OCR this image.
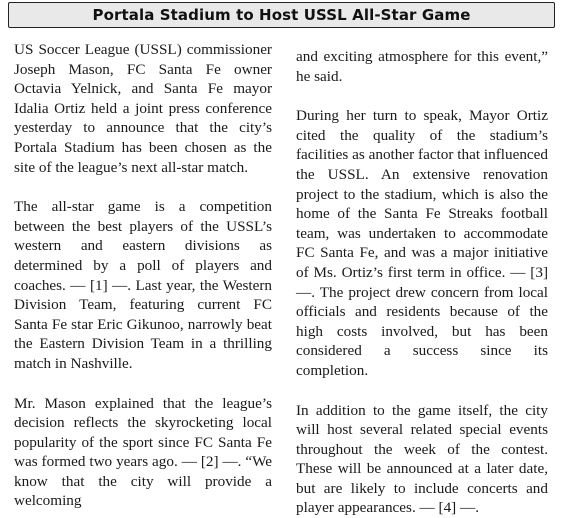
Portala Stadium to Host USSL All-Star Game

US Soccer League (USSL) commissioner Joseph Mason, FC Santa Fe owner Octavia Yelnick, and Santa Fe mayor Idalia Ortiz held a joint press conference yesterday to announce that the city’s Portala Stadium has been chosen as the site of the league’s next all-star match.

The all-star game is a competition between the best players of the USSL’s western and eastern divisions as determined by a poll of players and coaches. — [1] —. Last year, the Western Division Team, featuring current FC Santa Fe star Eric Gikunoo, narrowly beat the Eastern Division Team in a thrilling match in Nashville.

Mr. Mason explained that the league’s decision reflects the skyrocketing local popularity of the sport since FC Santa Fe was formed two years ago. — [2] —. “We know that the city will provide a welcoming

and exciting atmosphere for this event,” he said.

During her turn to speak, Mayor Ortiz cited the quality of the stadium’s facilities as another factor that influenced the USSL. An extensive renovation project to the stadium, which is also the home of the Santa Fe Streaks football team, was undertaken to accommodate FC Santa Fe, and was a major initiative of Ms. Ortiz’s first term in office. — [3] —. The project drew concern from local officials and residents because of the high costs involved, but has been considered a success since its completion.

In addition to the game itself, the city will host several related special events throughout the week of the contest. These will be announced at a later date, but are likely to include concerts and player appearances. — [4] —.
